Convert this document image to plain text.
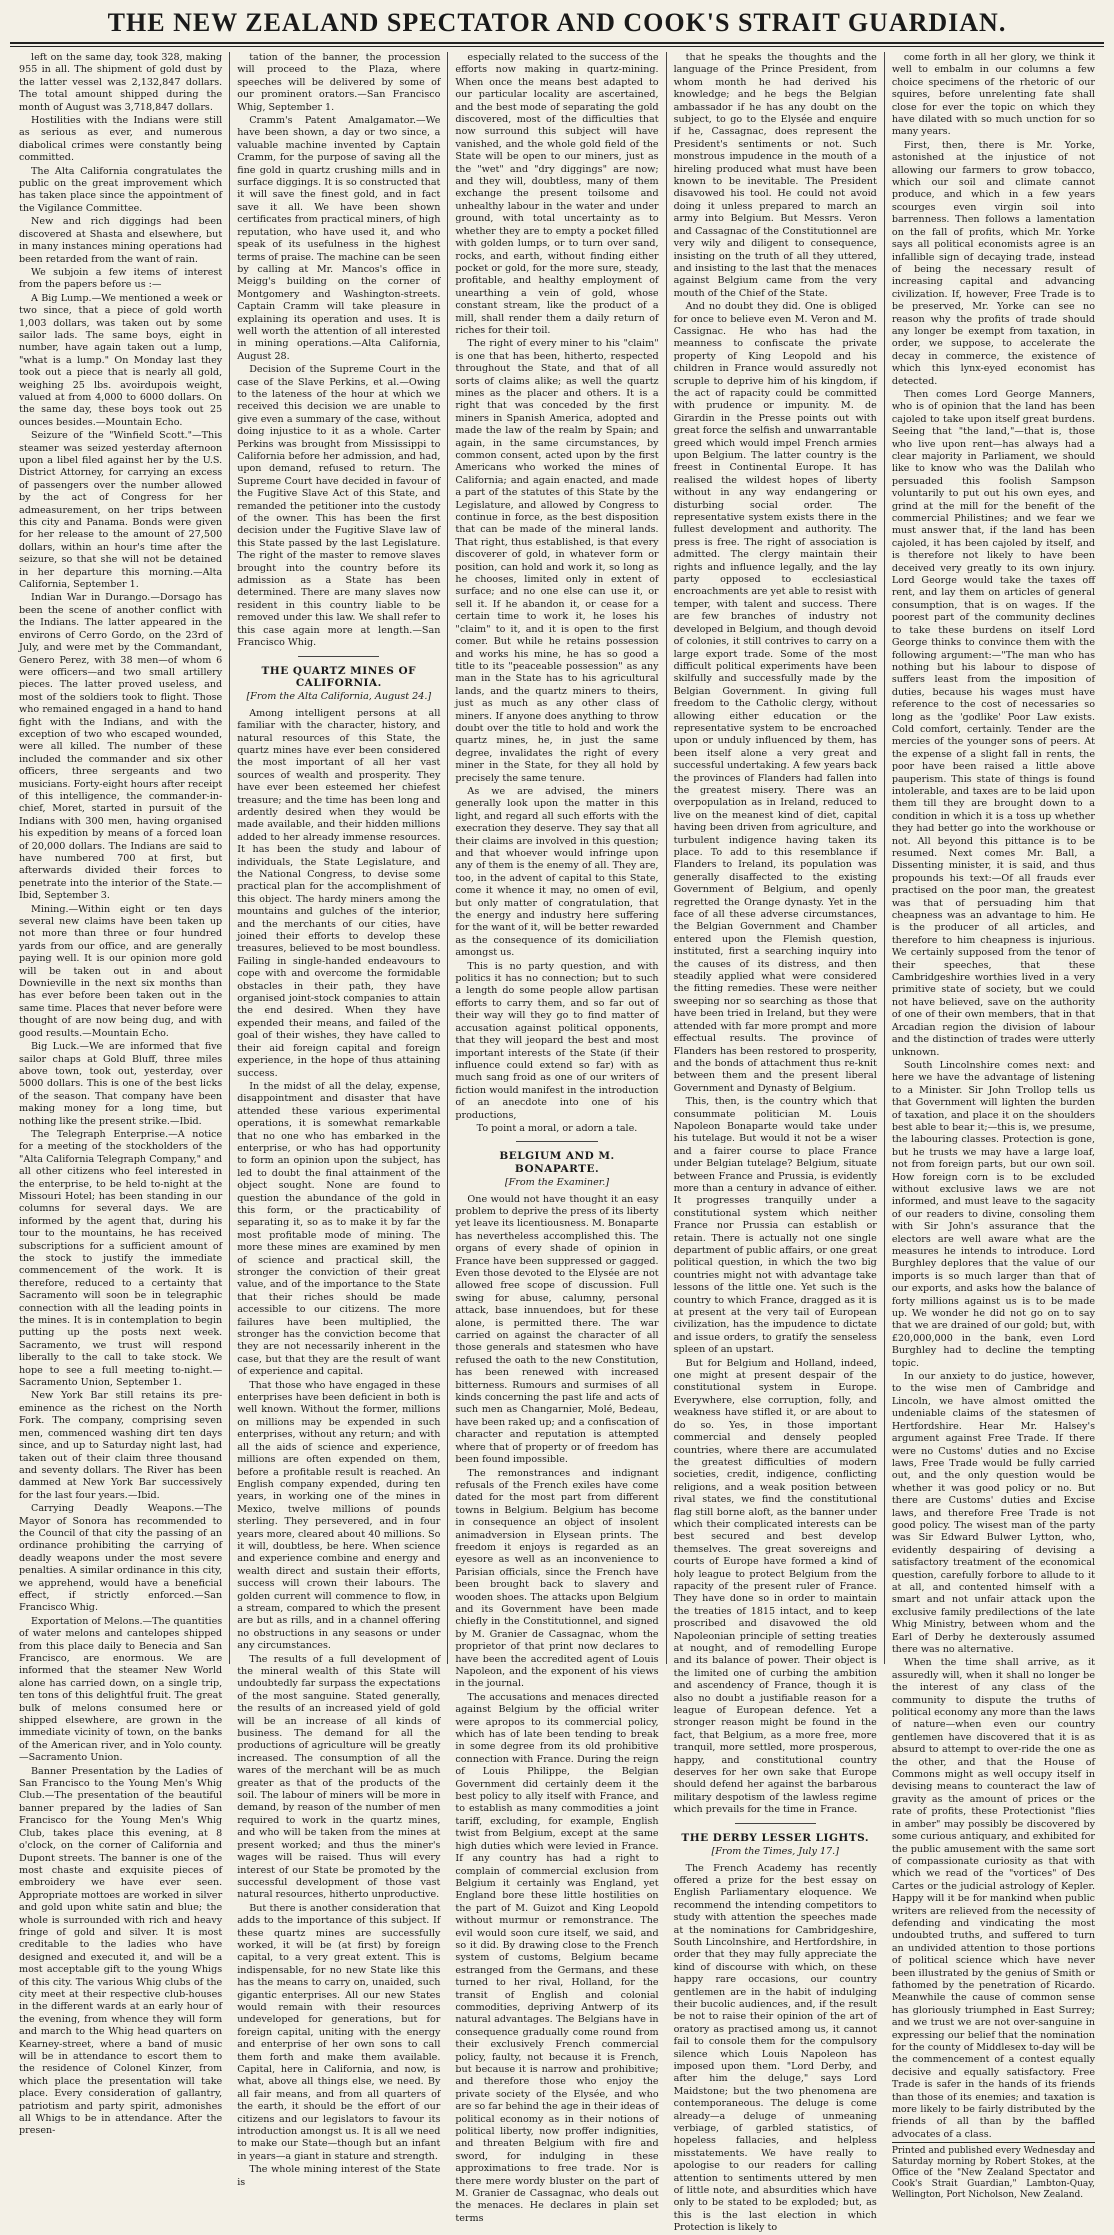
THE NEW ZEALAND SPECTATOR AND COOK'S STRAIT GUARDIAN.

left on the same day, took 328, making 955 in all. The shipment of gold dust by the latter vessel was 2,132,847 dollars. The total amount shipped during the month of August was 3,718,847 dollars.

Hostilities with the Indians were still as serious as ever, and numerous diabolical crimes were constantly being committed.

The Alta California congratulates the public on the great improvement which has taken place since the appointment of the Vigilance Committee.

New and rich diggings had been discovered at Shasta and elsewhere, but in many instances mining operations had been retarded from the want of rain.

We subjoin a few items of interest from the papers before us :—

A Big Lump.—We mentioned a week or two since, that a piece of gold worth 1,003 dollars, was taken out by some sailor lads. The same boys, eight in number, have again taken out a lump, "what is a lump." On Monday last they took out a piece that is nearly all gold, weighing 25 lbs. avoirdupois weight, valued at from 4,000 to 6000 dollars. On the same day, these boys took out 25 ounces besides.—Mountain Echo.

Seizure of the "Winfield Scott."—This steamer was seized yesterday afternoon upon a libel filed against her by the U.S. District Attorney, for carrying an excess of passengers over the number allowed by the act of Congress for her admeasurement, on her trips between this city and Panama. Bonds were given for her release to the amount of 27,500 dollars, within an hour's time after the seizure, so that she will not be detained in her departure this morning.—Alta California, September 1.

Indian War in Durango.—Dorsago has been the scene of another conflict with the Indians. The latter appeared in the environs of Cerro Gordo, on the 23rd of July, and were met by the Commandant, Genero Perez, with 38 men—of whom 6 were officers—and two small artillery pieces. The latter proved useless, and most of the soldiers took to flight. Those who remained engaged in a hand to hand fight with the Indians, and with the exception of two who escaped wounded, were all killed. The number of these included the commander and six other officers, three sergeants and two musicians. Forty-eight hours after receipt of this intelligence, the commander-in-chief, Moret, started in pursuit of the Indians with 300 men, having organised his expedition by means of a forced loan of 20,000 dollars. The Indians are said to have numbered 700 at first, but afterwards divided their forces to penetrate into the interior of the State.—Ibid, September 3.

Mining.—Within eight or ten days several new claims have been taken up not more than three or four hundred yards from our office, and are generally paying well. It is our opinion more gold will be taken out in and about Downieville in the next six months than has ever before been taken out in the same time. Places that never before were thought of are now being dug, and with good results.—Mountain Echo.

Big Luck.—We are informed that five sailor chaps at Gold Bluff, three miles above town, took out, yesterday, over 5000 dollars. This is one of the best licks of the season. That company have been making money for a long time, but nothing like the present strike.—Ibid.

The Telegraph Enterprise.—A notice for a meeting of the stockholders of the "Alta California Telegraph Company," and all other citizens who feel interested in the enterprise, to be held to-night at the Missouri Hotel; has been standing in our columns for several days. We are informed by the agent that, during his tour to the mountains, he has received subscriptions for a sufficient amount of the stock to justify the immediate commencement of the work. It is therefore, reduced to a certainty that Sacramento will soon be in telegraphic connection with all the leading points in the mines. It is in contemplation to begin putting up the posts next week. Sacramento, we trust will respond liberally to the call to take stock. We hope to see a full meeting to-night.—Sacramento Union, September 1.

New York Bar still retains its pre-eminence as the richest on the North Fork. The company, comprising seven men, commenced washing dirt ten days since, and up to Saturday night last, had taken out of their claim three thousand and seventy dollars. The River has been dammed at New York Bar successively for the last four years.—Ibid.

Carrying Deadly Weapons.—The Mayor of Sonora has recommended to the Council of that city the passing of an ordinance prohibiting the carrying of deadly weapons under the most severe penalties. A similar ordinance in this city, we apprehend, would have a beneficial effect, if strictly enforced.—San Francisco Whig.

Exportation of Melons.—The quantities of water melons and cantelopes shipped from this place daily to Benecia and San Francisco, are enormous. We are informed that the steamer New World alone has carried down, on a single trip, ten tons of this delightful fruit. The great bulk of melons consumed here or shipped elsewhere, are grown in the immediate vicinity of town, on the banks of the American river, and in Yolo county.—Sacramento Union.

Banner Presentation by the Ladies of San Francisco to the Young Men's Whig Club.—The presentation of the beautiful banner prepared by the ladies of San Francisco for the Young Men's Whig Club, takes place this evening, at 8 o'clock, on the corner of California and Dupont streets. The banner is one of the most chaste and exquisite pieces of embroidery we have ever seen. Appropriate mottoes are worked in silver and gold upon white satin and blue; the whole is surrounded with rich and heavy fringe of gold and silver. It is most creditable to the ladies who have designed and executed it, and will be a most acceptable gift to the young Whigs of this city. The various Whig clubs of the city meet at their respective club-houses in the different wards at an early hour of the evening, from whence they will form and march to the Whig head quarters on Kearney-street, where a band of music will be in attendance to escort them to the residence of Colonel Kinzer, from which place the presentation will take place. Every consideration of gallantry, patriotism and party spirit, admonishes all Whigs to be in attendance. After the presen-

tation of the banner, the procession will proceed to the Plaza, where speeches will be delivered by some of our prominent orators.—San Francisco Whig, September 1.

Cramm's Patent Amalgamator.—We have been shown, a day or two since, a valuable machine invented by Captain Cramm, for the purpose of saving all the fine gold in quartz crushing mills and in surface diggings. It is so constructed that it will save the finest gold, and in fact save it all. We have been shown certificates from practical miners, of high reputation, who have used it, and who speak of its usefulness in the highest terms of praise. The machine can be seen by calling at Mr. Mancos's office in Meigg's building on the corner of Montgomery and Washington-streets. Captain Cramm will take pleasure in explaining its operation and uses. It is well worth the attention of all interested in mining operations.—Alta California, August 28.

Decision of the Supreme Court in the case of the Slave Perkins, et al.—Owing to the lateness of the hour at which we received this decision we are unable to give even a summary of the case, without doing injustice to it as a whole. Carter Perkins was brought from Mississippi to California before her admission, and had, upon demand, refused to return. The Supreme Court have decided in favour of the Fugitive Slave Act of this State, and remanded the petitioner into the custody of the owner. This has been the first decision under the Fugitive Slave law of this State passed by the last Legislature. The right of the master to remove slaves brought into the country before its admission as a State has been determined. There are many slaves now resident in this country liable to be removed under this law. We shall refer to this case again more at length.—San Francisco Whig.

THE QUARTZ MINES OF CALIFORNIA.

[From the Alta California, August 24.]

Among intelligent persons at all familiar with the character, history, and natural resources of this State, the quartz mines have ever been considered the most important of all her vast sources of wealth and prosperity. They have ever been esteemed her chiefest treasure; and the time has been long and ardently desired when they would be made available, and their hidden millions added to her already immense resources. It has been the study and labour of individuals, the State Legislature, and the National Congress, to devise some practical plan for the accomplishment of this object. The hardy miners among the mountains and gulches of the interior, and the merchants of our cities, have joined their efforts to develop these treasures, believed to be most boundless. Failing in single-handed endeavours to cope with and overcome the formidable obstacles in their path, they have organised joint-stock companies to attain the end desired. When they have expended their means, and failed of the goal of their wishes, they have called to their aid foreign capital and foreign experience, in the hope of thus attaining success.

In the midst of all the delay, expense, disappointment and disaster that have attended these various experimental operations, it is somewhat remarkable that no one who has embarked in the enterprise, or who has had opportunity to form an opinion upon the subject, has led to doubt the final attainment of the object sought. None are found to question the abundance of the gold in this form, or the practicability of separating it, so as to make it by far the most profitable mode of mining. The more these mines are examined by men of science and practical skill, the stronger the conviction of their great value, and of the importance to the State that their riches should be made accessible to our citizens. The more failures have been multiplied, the stronger has the conviction become that they are not necessarily inherent in the case, but that they are the result of want of experience and capital.

That those who have engaged in these enterprises have been deficient in both is well known. Without the former, millions on millions may be expended in such enterprises, without any return; and with all the aids of science and experience, millions are often expended on them, before a profitable result is reached. An English company expended, during ten years, in working one of the mines in Mexico, twelve millions of pounds sterling. They persevered, and in four years more, cleared about 40 millions. So it will, doubtless, be here. When science and experience combine and energy and wealth direct and sustain their efforts, success will crown their labours. The golden current will commence to flow, in a stream, compared to which the present are but as rills, and in a channel offering no obstructions in any seasons or under any circumstances.

The results of a full development of the mineral wealth of this State will undoubtedly far surpass the expectations of the most sanguine. Stated generally, the results of an increased yield of gold will be an increase of all kinds of business. The demand for all the productions of agriculture will be greatly increased. The consumption of all the wares of the merchant will be as much greater as that of the products of the soil. The labour of miners will be more in demand, by reason of the number of men required to work in the quartz mines, and who will be taken from the mines at present worked; and thus the miner's wages will be raised. Thus will every interest of our State be promoted by the successful development of those vast natural resources, hitherto unproductive.

But there is another consideration that adds to the importance of this subject. If these quartz mines are successfully worked, it will be (at first) by foreign capital, to a very great extent. This is indispensable, for no new State like this has the means to carry on, unaided, such gigantic enterprises. All our new States would remain with their resources undeveloped for generations, but for foreign capital, uniting with the energy and enterprise of her own sons to call them forth and make them available. Capital, here in California, and now, is what, above all things else, we need. By all fair means, and from all quarters of the earth, it should be the effort of our citizens and our legislators to favour its introduction amongst us. It is all we need to make our State—though but an infant in years—a giant in stature and strength.

The whole mining interest of the State is

especially related to the success of the efforts now making in quartz-mining. When once the means best adapted to our particular locality are ascertained, and the best mode of separating the gold discovered, most of the difficulties that now surround this subject will have vanished, and the whole gold field of the State will be open to our miners, just as the "wet" and "dry diggings" are now; and they will, doubtless, many of them exchange the present toilsome and unhealthy labour in the water and under ground, with total uncertainty as to whether they are to empty a pocket filled with golden lumps, or to turn over sand, rocks, and earth, without finding either pocket or gold, for the more sure, steady, profitable, and healthy employment of unearthing a vein of gold, whose constant stream, like the product of a mill, shall render them a daily return of riches for their toil.

The right of every miner to his "claim" is one that has been, hitherto, respected throughout the State, and that of all sorts of claims alike; as well the quartz mines as the placer and others. It is a right that was conceded by the first miners in Spanish America, adopted and made the law of the realm by Spain; and again, in the same circumstances, by common consent, acted upon by the first Americans who worked the mines of California; and again enacted, and made a part of the statutes of this State by the Legislature, and allowed by Congress to continue in force, as the best disposition that can be made of the mineral lands. That right, thus established, is that every discoverer of gold, in whatever form or position, can hold and work it, so long as he chooses, limited only in extent of surface; and no one else can use it, or sell it. If he abandon it, or cease for a certain time to work it, he loses his "claim" to it, and it is open to the first comer. But while he retains possession and works his mine, he has so good a title to its "peaceable possession" as any man in the State has to his agricultural lands, and the quartz miners to theirs, just as much as any other class of miners. If anyone does anything to throw doubt over the title to hold and work the quartz mines, he, in just the same degree, invalidates the right of every miner in the State, for they all hold by precisely the same tenure.

As we are advised, the miners generally look upon the matter in this light, and regard all such efforts with the execration they deserve. They say that all their claims are involved in this question; and that whoever would infringe upon any of them is the enemy of all. They are, too, in the advent of capital to this State, come it whence it may, no omen of evil, but only matter of congratulation, that the energy and industry here suffering for the want of it, will be better rewarded as the consequence of its domiciliation amongst us.

This is no party question, and with politics it has no connection; but to such a length do some people allow partisan efforts to carry them, and so far out of their way will they go to find matter of accusation against political opponents, that they will jeopard the best and most important interests of the State (if their influence could extend so far) with as much sang froid as one of our writers of fiction would manifest in the introduction of an anecdote into one of his productions,

To point a moral, or adorn a tale.

BELGIUM AND M. BONAPARTE.

[From the Examiner.]

One would not have thought it an easy problem to deprive the press of its liberty yet leave its licentiousness. M. Bonaparte has nevertheless accomplished this. The organs of every shade of opinion in France have been suppressed or gagged. Even those devoted to the Elysée are not allowed free scope of discussion. Full swing for abuse, calumny, personal attack, base innuendoes, but for these alone, is permitted there. The war carried on against the character of all those generals and statesmen who have refused the oath to the new Constitution, has been renewed with increased bitterness. Rumours and surmises of all kinds concerning the past life and acts of such men as Changarnier, Molé, Bedeau, have been raked up; and a confiscation of character and reputation is attempted where that of property or of freedom has been found impossible.

The remonstrances and indignant refusals of the French exiles have come dated for the most part from different towns in Belgium. Belgium has become in consequence an object of insolent animadversion in Elysean prints. The freedom it enjoys is regarded as an eyesore as well as an inconvenience to Parisian officials, since the French have been brought back to slavery and wooden shoes. The attacks upon Belgium and its Government have been made chiefly in the Constitutionnel, and signed by M. Granier de Cassagnac, whom the proprietor of that print now declares to have been the accredited agent of Louis Napoleon, and the exponent of his views in the journal.

The accusations and menaces directed against Belgium by the official writer were apropos to its commercial policy, which has of late been tending to break in some degree from its old prohibitive connection with France. During the reign of Louis Philippe, the Belgian Government did certainly deem it the best policy to ally itself with France, and to establish as many commodities a joint tariff, excluding, for example, English twist from Belgium, except at the same high duties which were levied in France. If any country has had a right to complain of commercial exclusion from Belgium it certainly was England, yet England bore these little hostilities on the part of M. Guizot and King Leopold without murmur or remonstrance. The evil would soon cure itself, we said, and so it did. By drawing close to the French system of customs, Belgium became estranged from the Germans, and these turned to her rival, Holland, for the transit of English and colonial commodities, depriving Antwerp of its natural advantages. The Belgians have in consequence gradually come round from their exclusively French commercial policy, faulty, not because it is French, but because it is narrow and prohibitive; and therefore those who enjoy the private society of the Elysée, and who are so far behind the age in their ideas of political economy as in their notions of political liberty, now proffer indignities, and threaten Belgium with fire and sword, for indulging in these approximations to free trade. Nor is there mere wordy bluster on the part of M. Granier de Cassagnac, who deals out the menaces. He declares in plain set terms

that he speaks the thoughts and the language of the Prince President, from whom month he had derived his knowledge; and he begs the Belgian ambassador if he has any doubt on the subject, to go to the Elysée and enquire if he, Cassagnac, does represent the President's sentiments or not. Such monstrous impudence in the mouth of a hireling produced what must have been known to be inevitable. The President disavowed his tool. He could not avoid doing it unless prepared to march an army into Belgium. But Messrs. Veron and Cassagnac of the Constitutionnel are very wily and diligent to consequence, insisting on the truth of all they uttered, and insisting to the last that the menaces against Belgium came from the very mouth of the Chief of the State.

And no doubt they did. One is obliged for once to believe even M. Veron and M. Cassignac. He who has had the meanness to confiscate the private property of King Leopold and his children in France would assuredly not scruple to deprive him of his kingdom, if the act of rapacity could be committed with prudence or impunity. M. de Girardin in the Presse points out with great force the selfish and unwarrantable greed which would impel French armies upon Belgium. The latter country is the freest in Continental Europe. It has realised the wildest hopes of liberty without in any way endangering or disturbing social order. The representative system exists there in the fullest development and authority. The press is free. The right of association is admitted. The clergy maintain their rights and influence legally, and the lay party opposed to ecclesiastical encroachments are yet able to resist with temper, with talent and success. There are few branches of industry not developed in Belgium, and though devoid of colonies, it still contrives to carry on a large export trade. Some of the most difficult political experiments have been skilfully and successfully made by the Belgian Government. In giving full freedom to the Catholic clergy, without allowing either education or the representative system to be encroached upon or unduly influenced by them, has been itself alone a very great and successful undertaking. A few years back the provinces of Flanders had fallen into the greatest misery. There was an overpopulation as in Ireland, reduced to live on the meanest kind of diet, capital having been driven from agriculture, and turbulent indigence having taken its place. To add to this resemblance if Flanders to Ireland, its population was generally disaffected to the existing Government of Belgium, and openly regretted the Orange dynasty. Yet in the face of all these adverse circumstances, the Belgian Government and Chamber entered upon the Flemish question, instituted, first a searching inquiry into the causes of its distress, and then steadily applied what were considered the fitting remedies. These were neither sweeping nor so searching as those that have been tried in Ireland, but they were attended with far more prompt and more effectual results. The province of Flanders has been restored to prosperity, and the bonds of attachment thus re-knit between them and the present liberal Government and Dynasty of Belgium.

This, then, is the country which that consummate politician M. Louis Napoleon Bonaparte would take under his tutelage. But would it not be a wiser and a fairer course to place France under Belgian tutelage? Belgium, situate between France and Prussia, is evidently more than a century in advance of either. It progresses tranquilly under a constitutional system which neither France nor Prussia can establish or retain. There is actually not one single department of public affairs, or one great political question, in which the two big countries might not with advantage take lessons of the little one. Yet such is the country to which France, dragged as it is at present at the very tail of European civilization, has the impudence to dictate and issue orders, to gratify the senseless spleen of an upstart.

But for Belgium and Holland, indeed, one might at present despair of the constitutional system in Europe. Everywhere, else corruption, folly, and weakness have stifled it, or are about to do so. Yes, in those important commercial and densely peopled countries, where there are accumulated the greatest difficulties of modern societies, credit, indigence, conflicting religions, and a weak position between rival states, we find the constitutional flag still borne aloft, as the banner under which their complicated interests can be best secured and best develop themselves. The great sovereigns and courts of Europe have formed a kind of holy league to protect Belgium from the rapacity of the present ruler of France. They have done so in order to maintain the treaties of 1815 intact, and to keep proscribed and disavowed the old Napoleonian principle of setting treaties at nought, and of remodelling Europe and its balance of power. Their object is the limited one of curbing the ambition and ascendency of France, though it is also no doubt a justifiable reason for a league of European defence. Yet a stronger reason might be found in the fact, that Belgium, as a more free, more tranquil, more settled, more prosperous, happy, and constitutional country deserves for her own sake that Europe should defend her against the barbarous military despotism of the lawless regime which prevails for the time in France.

THE DERBY LESSER LIGHTS.

[From the Times, July 17.]

The French Academy has recently offered a prize for the best essay on English Parliamentary eloquence. We recommend the intending competitors to study with attention the speeches made at the nominations for Cambridgeshire, South Lincolnshire, and Hertfordshire, in order that they may fully appreciate the kind of discourse with which, on these happy rare occasions, our country gentlemen are in the habit of indulging their bucolic audiences, and, if the result be not to raise their opinion of the art of oratory as practised among us, it cannot fail to console them for the compulsory silence which Louis Napoleon has imposed upon them. "Lord Derby, and after him the deluge," says Lord Maidstone; but the two phenomena are contemporaneous. The deluge is come already—a deluge of unmeaning verbiage, of garbled statistics, of hopeless fallacies, and helpless misstatements. We have really to apologise to our readers for calling attention to sentiments uttered by men of little note, and absurdities which have only to be stated to be exploded; but, as this is the last election in which Protection is likely to

come forth in all her glory, we think it well to embalm in our columns a few choice specimens of the rhetoric of our squires, before unrelenting fate shall close for ever the topic on which they have dilated with so much unction for so many years.

First, then, there is Mr. Yorke, astonished at the injustice of not allowing our farmers to grow tobacco, which our soil and climate cannot produce, and which in a few years scourges even virgin soil into barrenness. Then follows a lamentation on the fall of profits, which Mr. Yorke says all political economists agree is an infallible sign of decaying trade, instead of being the necessary result of increasing capital and advancing civilization. If, however, Free Trade is to be preserved, Mr. Yorke can see no reason why the profits of trade should any longer be exempt from taxation, in order, we suppose, to accelerate the decay in commerce, the existence of which this lynx-eyed economist has detected.

Then comes Lord George Manners, who is of opinion that the land has been cajoled to take upon itself great burdens. Seeing that "the land,"—that is, those who live upon rent—has always had a clear majority in Parliament, we should like to know who was the Dalilah who persuaded this foolish Sampson voluntarily to put out his own eyes, and grind at the mill for the benefit of the commercial Philistines; and we fear we must answer that, if the land has been cajoled, it has been cajoled by itself, and is therefore not likely to have been deceived very greatly to its own injury. Lord George would take the taxes off rent, and lay them on articles of general consumption, that is on wages. If the poorest part of the community declines to take these burdens on itself Lord George thinks to convince them with the following argument:—"The man who has nothing but his labour to dispose of suffers least from the imposition of duties, because his wages must have reference to the cost of necessaries so long as the 'godlike' Poor Law exists. Cold comfort, certainly. Tender are the mercies of the younger sons of peers. At the expense of a slight fall in rents, the poor have been raised a little above pauperism. This state of things is found intolerable, and taxes are to be laid upon them till they are brought down to a condition in which it is a toss up whether they had better go into the workhouse or not. All beyond this pittance is to be resumed. Next comes Mr. Ball, a Dissenting minister, it is said, and thus propounds his text:—Of all frauds ever practised on the poor man, the greatest was that of persuading him that cheapness was an advantage to him. He is the producer of all articles, and therefore to him cheapness is injurious. We certainly supposed from the tenor of their speeches, that these Cambridgeshire worthies lived in a very primitive state of society, but we could not have believed, save on the authority of one of their own members, that in that Arcadian region the division of labour and the distinction of trades were utterly unknown.

South Lincolnshire comes next: and here we have the advantage of listening to a Minister. Sir John Trollop tells us that Government will lighten the burden of taxation, and place it on the shoulders best able to bear it;—this is, we presume, the labouring classes. Protection is gone, but he trusts we may have a large loaf, not from foreign parts, but our own soil. How foreign corn is to be excluded without exclusive laws we are not informed, and must leave to the sagacity of our readers to divine, consoling them with Sir John's assurance that the electors are well aware what are the measures he intends to introduce. Lord Burghley deplores that the value of our imports is so much larger than that of our exports, and asks how the balance of forty millions against us is to be made up. We wonder he did not go on to say that we are drained of our gold; but, with £20,000,000 in the bank, even Lord Burghley had to decline the tempting topic.

In our anxiety to do justice, however, to the wise men of Cambridge and Lincoln, we have almost omitted the undeniable claims of the statesmen of Hertfordshire. Hear Mr. Halsey's argument against Free Trade. If there were no Customs' duties and no Excise laws, Free Trade would be fully carried out, and the only question would be whether it was good policy or no. But there are Customs' duties and Excise laws, and therefore Free Trade is not good policy. The wisest man of the party was Sir Edward Bulwer Lytton, who, evidently despairing of devising a satisfactory treatment of the economical question, carefully forbore to allude to it at all, and contented himself with a smart and not unfair attack upon the exclusive family predilections of the late Whig Ministry, between whom and the Earl of Derby he dexterously assumed there was no alternative.

When the time shall arrive, as it assuredly will, when it shall no longer be the interest of any class of the community to dispute the truths of political economy any more than the laws of nature—when even our country gentlemen have discovered that it is as absurd to attempt to over-ride the one as the other, and that the House of Commons might as well occupy itself in devising means to counteract the law of gravity as the amount of prices or the rate of profits, these Protectionist "flies in amber" may possibly be discovered by some curious antiquary, and exhibited for the public amusement with the same sort of compassionate curiosity as that with which we read of the "vortices" of Des Cartes or the judicial astrology of Kepler. Happy will it be for mankind when public writers are relieved from the necessity of defending and vindicating the most undoubted truths, and suffered to turn an undivided attention to those portions of political science which have never been illustrated by the genius of Smith or fathomed by the penetration of Ricardo. Meanwhile the cause of common sense has gloriously triumphed in East Surrey; and we trust we are not over-sanguine in expressing our belief that the nomination for the county of Middlesex to-day will be the commencement of a contest equally decisive and equally satisfactory. Free Trade is safer in the hands of its friends than those of its enemies; and taxation is more likely to be fairly distributed by the friends of all than by the baffled advocates of a class.

Printed and published every Wednesday and Saturday morning by Robert Stokes, at the Office of the "New Zealand Spectator and Cook's Strait Guardian," Lambton-Quay, Wellington, Port Nicholson, New Zealand.
